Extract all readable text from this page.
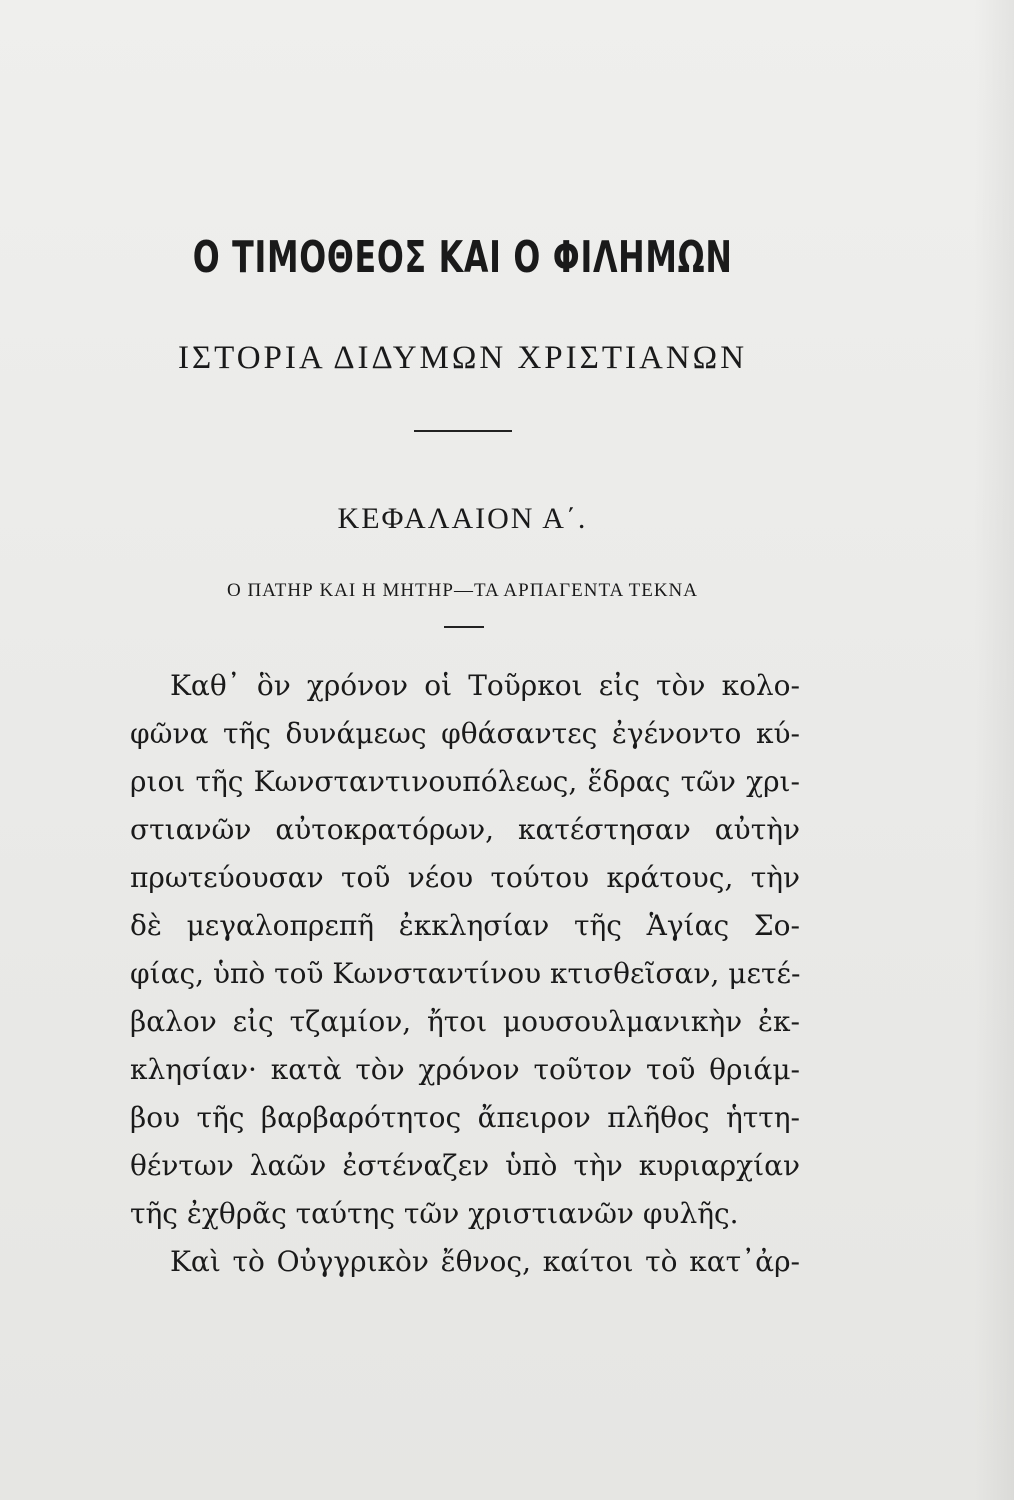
Ο ΤΙΜΟΘΕΟΣ ΚΑΙ Ο ΦΙΛΗΜΩΝ
ΙΣΤΟΡΙΑ ΔΙΔΥΜΩΝ ΧΡΙΣΤΙΑΝΩΝ
ΚΕΦΑΛΑΙΟΝ Α΄.
Ο ΠΑΤΗΡ ΚΑΙ Η ΜΗΤΗΡ—ΤΑ ΑΡΠΑΓΕΝΤΑ ΤΕΚΝΑ
Καθ᾽ ὃν χρόνον οἱ Τοῦρκοι εἰς τὸν κολο-
φῶνα τῆς δυνάμεως φθάσαντες ἐγένοντο κύ-
ριοι τῆς Κωνσταντινουπόλεως, ἕδρας τῶν χρι-
στιανῶν αὐτοκρατόρων, κατέστησαν αὐτὴν
πρωτεύουσαν τοῦ νέου τούτου κράτους, τὴν
δὲ μεγαλοπρεπῆ ἐκκλησίαν τῆς Ἁγίας Σο-
φίας, ὑπὸ τοῦ Κωνσταντίνου κτισθεῖσαν, μετέ-
βαλον εἰς τζαμίον, ἤτοι μουσουλμανικὴν ἐκ-
κλησίαν· κατὰ τὸν χρόνον τοῦτον τοῦ θριάμ-
βου τῆς βαρβαρότητος ἄπειρον πλῆθος ἡττη-
θέντων λαῶν ἐστέναζεν ὑπὸ τὴν κυριαρχίαν
τῆς ἐχθρᾶς ταύτης τῶν χριστιανῶν φυλῆς.
Καὶ τὸ Οὐγγρικὸν ἔθνος, καίτοι τὸ κατ᾽ἀρ-
